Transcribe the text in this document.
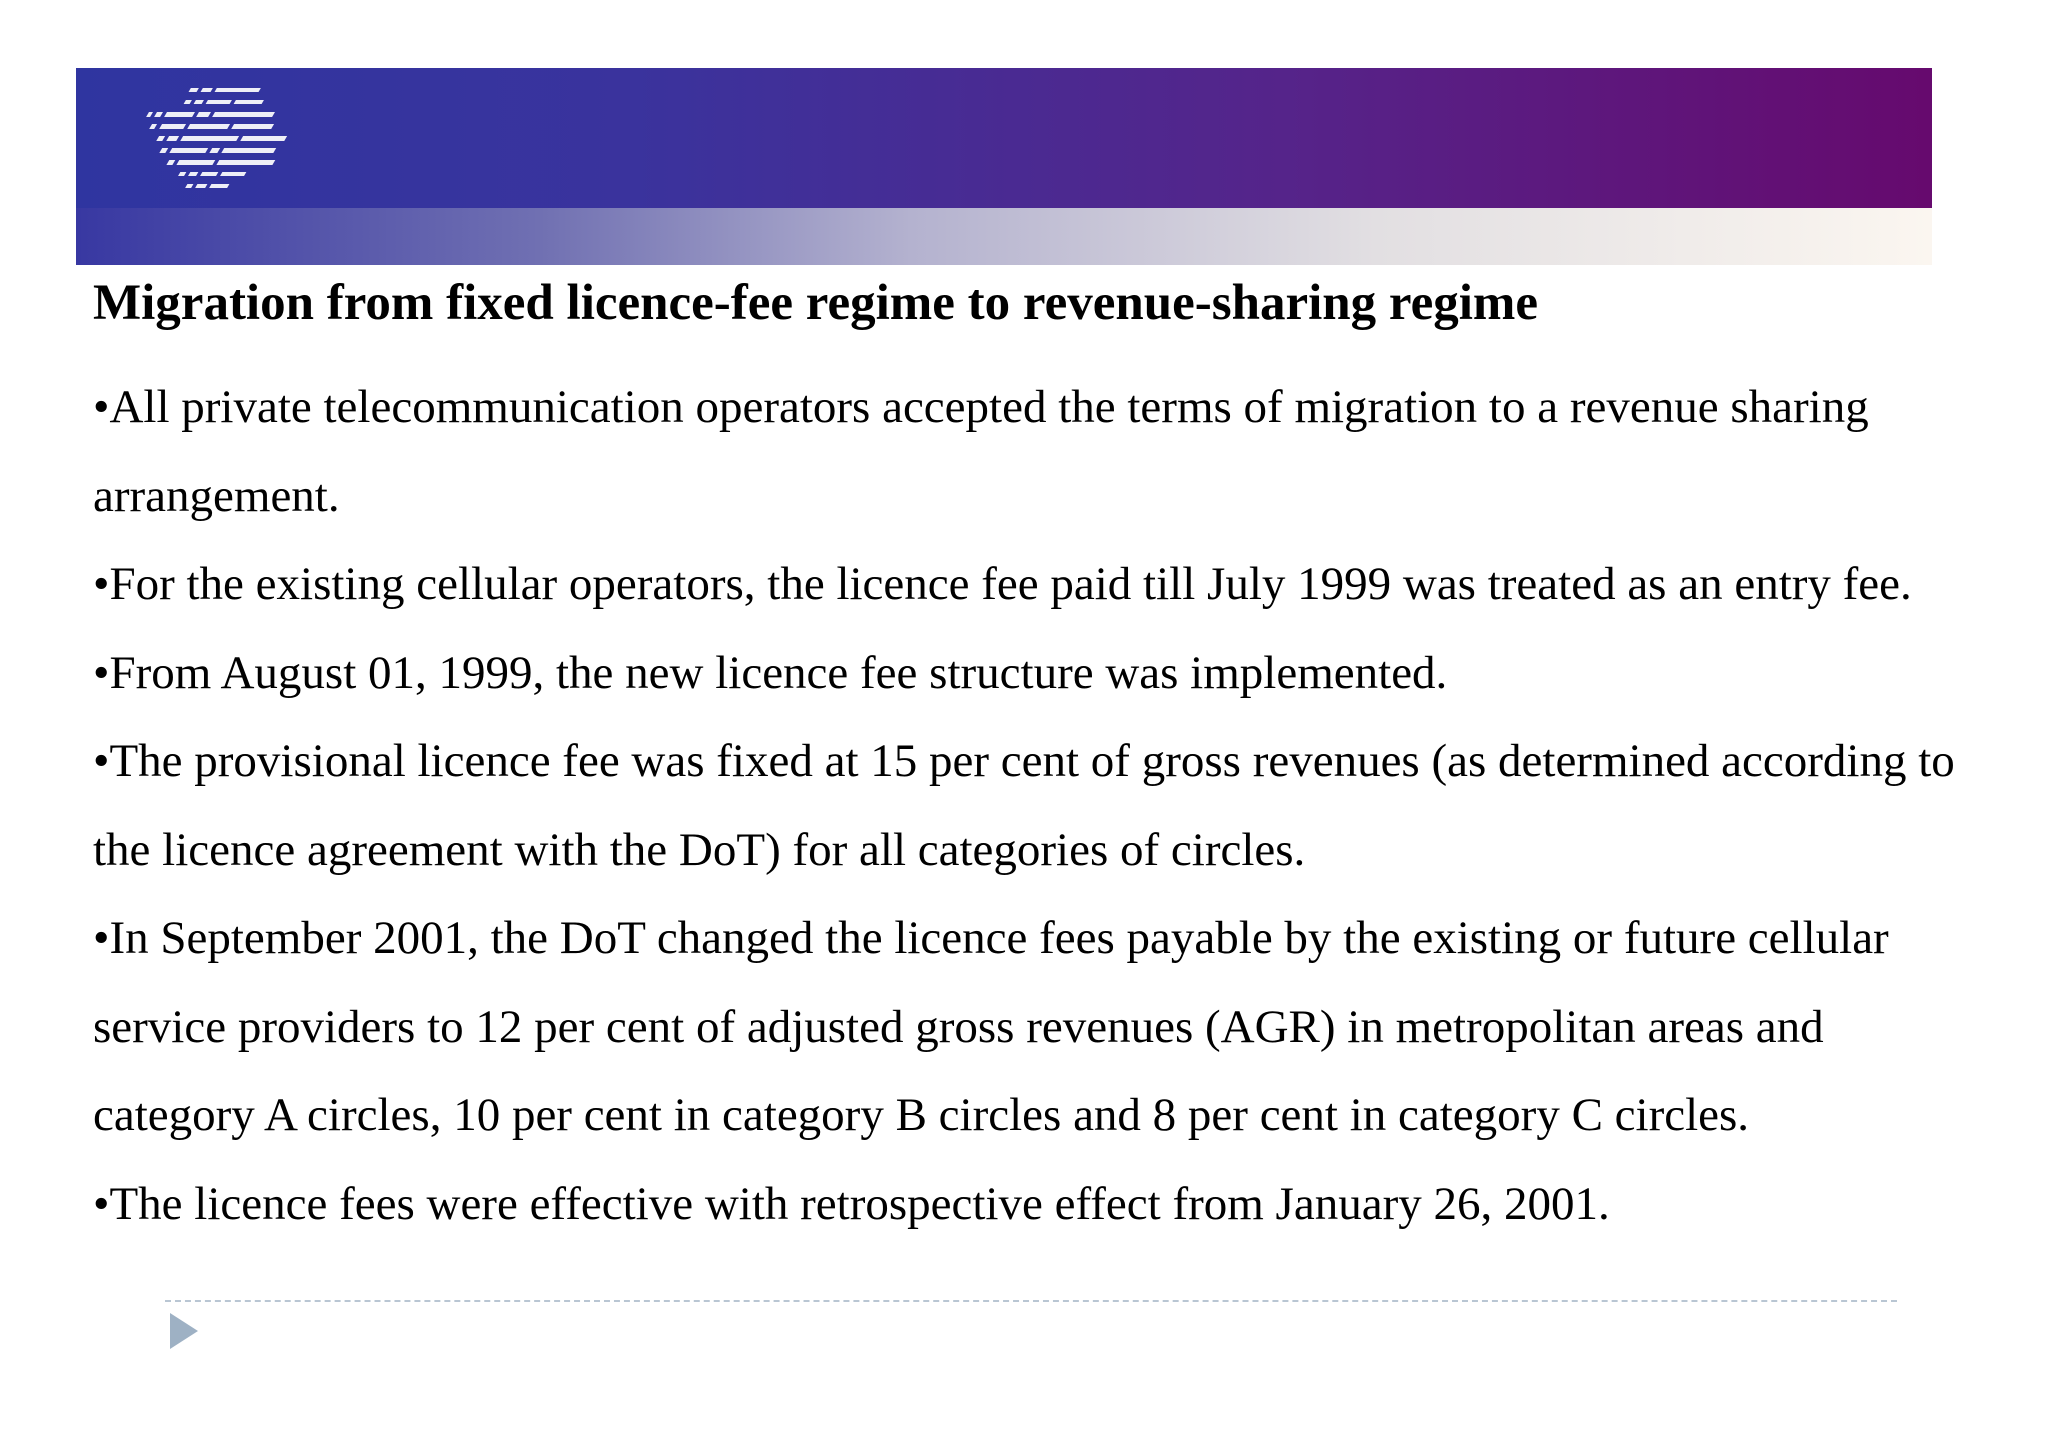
Migration from fixed licence-fee regime to revenue-sharing regime
•All private telecommunication operators accepted the terms of migration to a revenue sharing arrangement.
•For the existing cellular operators, the licence fee paid till July 1999 was treated as an entry fee.
•From August 01, 1999, the new licence fee structure was implemented.
•The provisional licence fee was fixed at 15 per cent of gross revenues (as determined according to the licence agreement with the DoT) for all categories of circles.
•In September 2001, the DoT changed the licence fees payable by the existing or future cellular service providers to 12 per cent of adjusted gross revenues (AGR) in metropolitan areas and category A circles, 10 per cent in category B circles and 8 per cent in category C circles.
•The licence fees were effective with retrospective effect from January 26, 2001.
